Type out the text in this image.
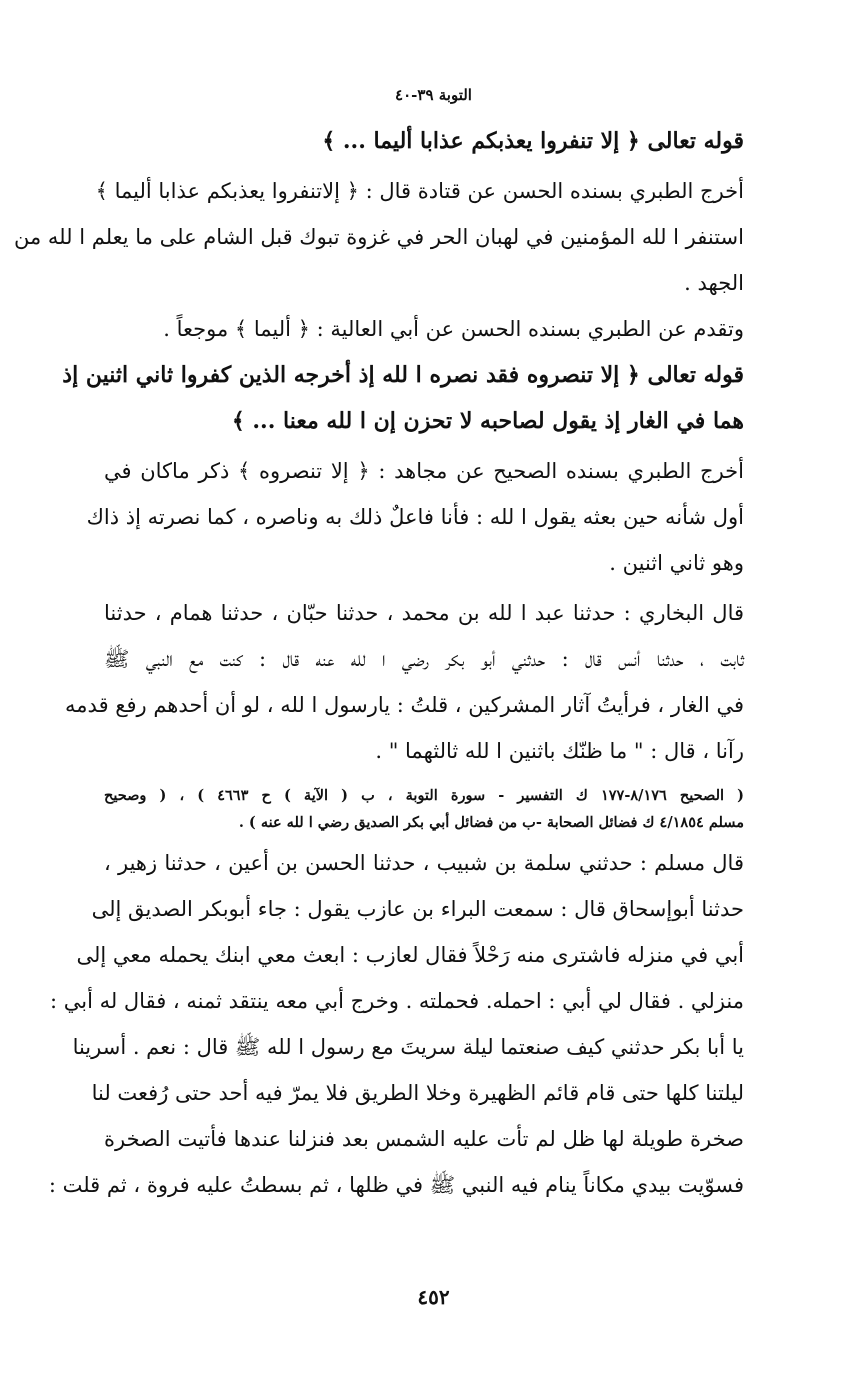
التوبة ٣٩-٤٠
قوله تعالى ﴿ إلا تنفروا يعذبكم عذابا أليما ... ﴾
أخرج الطبري بسنده الحسن عن قتادة قال : ﴿ إلاتنفروا يعذبكم عذابا أليما ﴾
استنفر ا لله المؤمنين في لهبان الحر في غزوة تبوك قبل الشام على ما يعلم ا لله من
الجهد .
وتقدم عن الطبري بسنده الحسن عن أبي العالية : ﴿ أليما ﴾ موجعاً .
قوله تعالى ﴿ إلا تنصروه فقد نصره ا لله إذ أخرجه الذين كفروا ثاني اثنين إذ
هما في الغار إذ يقول لصاحبه لا تحزن إن ا لله معنا ... ﴾
أخرج الطبري بسنده الصحيح عن مجاهد : ﴿ إلا تنصروه ﴾ ذكر ماكان في
أول شأنه حين بعثه يقول ا لله : فأنا فاعلٌ ذلك به وناصره ، كما نصرته إذ ذاك
وهو ثاني اثنين .
قال البخاري : حدثنا عبد ا لله بن محمد ، حدثنا حبّان ، حدثنا همام ، حدثنا
ثابت ، حدثنا أنس قال : حدثني أبو بكر رضي ا لله عنه قال : كنت مع النبي ﷺ
في الغار ، فرأيتُ آثار المشركين ، قلتُ : يارسول ا لله ، لو أن أحدهم رفع قدمه
رآنا ، قال : " ما ظنّك باثنين ا لله ثالثهما " .
( الصحيح ٨/١٧٦-١٧٧ ك التفسير - سورة التوبة ، ب ( الآية ) ح ٤٦٦٣ ) ، ( وصحيح
مسلم ٤/١٨٥٤ ك فضائل الصحابة -ب من فضائل أبي بكر الصديق رضي ا لله عنه ) .
قال مسلم : حدثني سلمة بن شبيب ، حدثنا الحسن بن أعين ، حدثنا زهير ،
حدثنا أبوإسحاق قال : سمعت البراء بن عازب يقول : جاء أبوبكر الصديق إلى
أبي في منزله فاشترى منه رَحْلاً فقال لعازب : ابعث معي ابنك يحمله معي إلى
منزلي . فقال لي أبي : احمله. فحملته . وخرج أبي معه ينتقد ثمنه ، فقال له أبي :
يا أبا بكر حدثني كيف صنعتما ليلة سريتَ مع رسول ا لله ﷺ قال : نعم . أسرينا
ليلتنا كلها حتى قام قائم الظهيرة وخلا الطريق فلا يمرّ فيه أحد حتى رُفعت لنا
صخرة طويلة لها ظل لم تأت عليه الشمس بعد فنزلنا عندها فأتيت الصخرة
فسوّيت بيدي مكاناً ينام فيه النبي ﷺ في ظلها ، ثم بسطتُ عليه فروة ، ثم قلت :
٤٥٢
